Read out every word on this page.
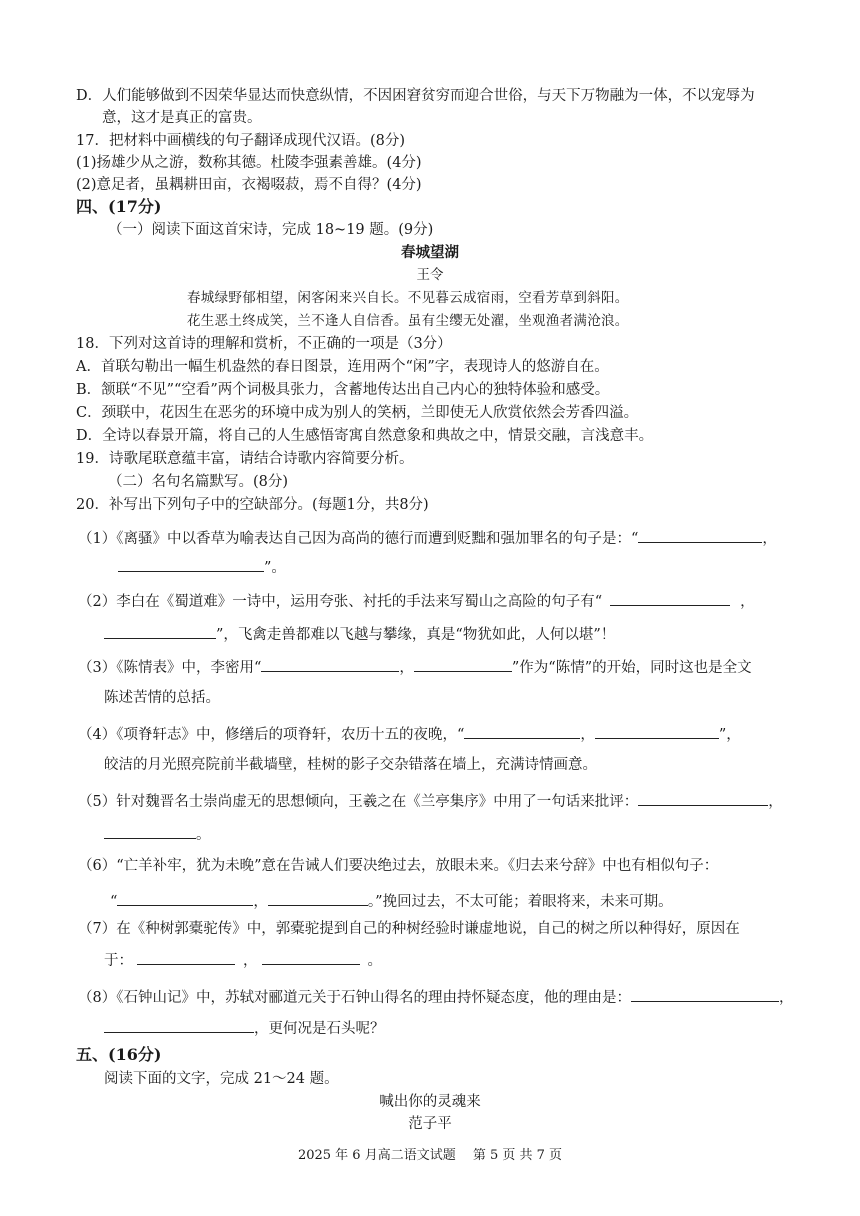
D．人们能够做到不因荣华显达而快意纵情，不因困窘贫穷而迎合世俗，与天下万物融为一体，不以宠辱为
意，这才是真正的富贵。
17．把材料中画横线的句子翻译成现代汉语。(8分)
(1)扬雄少从之游，数称其德。杜陵李强素善雄。(4分)
(2)意足者，虽耦耕田亩，衣褐啜菽，焉不自得？(4分)
四、(17分)
（一）阅读下面这首宋诗，完成 18~19 题。(9分)
春城望湖
王令
春城绿野郁相望，闲客闲来兴自长。不见暮云成宿雨，空看芳草到斜阳。
花生恶土终成笑，兰不逢人自信香。虽有尘缨无处濯，坐观渔者满沧浪。
18．下列对这首诗的理解和赏析，不正确的一项是（3分）
A．首联勾勒出一幅生机盎然的春日图景，连用两个“闲”字，表现诗人的悠游自在。
B．颔联“不见”“空看”两个词极具张力，含蓄地传达出自己内心的独特体验和感受。
C．颈联中，花因生在恶劣的环境中成为别人的笑柄，兰即使无人欣赏依然会芳香四溢。
D．全诗以春景开篇，将自己的人生感悟寄寓自然意象和典故之中，情景交融，言浅意丰。
19．诗歌尾联意蕴丰富，请结合诗歌内容简要分析。
（二）名句名篇默写。(8分)
20．补写出下列句子中的空缺部分。(每题1分，共8分)
（1）《离骚》中以香草为喻表达自己因为高尚的德行而遭到贬黜和强加罪名的句子是：“	，
”。
（2）李白在《蜀道难》一诗中，运用夸张、衬托的手法来写蜀山之高险的句子有“	，
”，飞禽走兽都难以飞越与攀缘，真是“物犹如此，人何以堪”！
（3）《陈情表》中，李密用“	，	”作为“陈情”的开始，同时这也是全文
陈述苦情的总括。
（4）《项脊轩志》中，修缮后的项脊轩，农历十五的夜晚，“	，	”，
皎洁的月光照亮院前半截墙壁，桂树的影子交杂错落在墙上，充满诗情画意。
（5）针对魏晋名士崇尚虚无的思想倾向，王羲之在《兰亭集序》中用了一句话来批评：	，
。
（6）“亡羊补牢，犹为未晚”意在告诫人们要决绝过去，放眼未来。《归去来兮辞》中也有相似句子：
“	，	。”挽回过去，不太可能；着眼将来，未来可期。
（7）在《种树郭橐驼传》中，郭橐驼提到自己的种树经验时谦虚地说，自己的树之所以种得好，原因在
于：	，	。
（8）《石钟山记》中，苏轼对郦道元关于石钟山得名的理由持怀疑态度，他的理由是：	，
，更何况是石头呢？
五、(16分)
阅读下面的文字，完成 21～24 题。
喊出你的灵魂来
范子平
2025 年 6 月高二语文试题　 第 5 页 共 7 页
